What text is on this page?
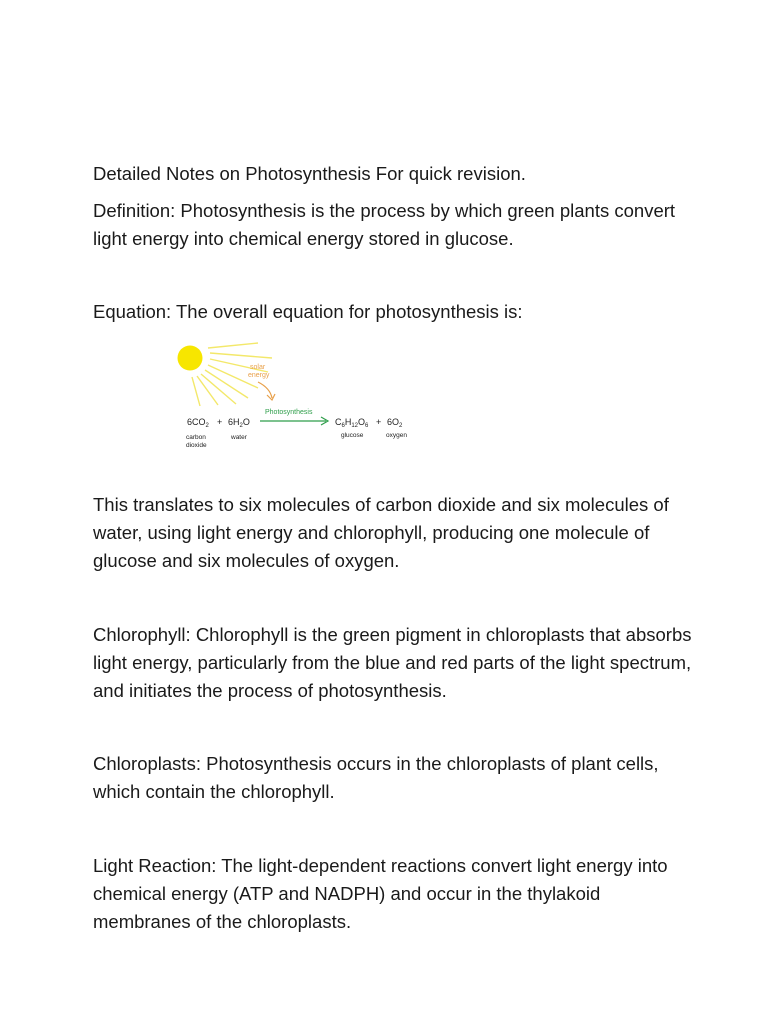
Detailed Notes on Photosynthesis For quick revision.

Definition: Photosynthesis is the process by which green plants convert light energy into chemical energy stored in glucose.

Equation: The overall equation for photosynthesis is:

solar
energy
Photosynthesis
$6CO_2 + 6H_2O$	$C_6H_{12}O_6 + 6O_2$
carbon
dioxide
water	glucose	oxygen

This translates to six molecules of carbon dioxide and six molecules of water, using light energy and chlorophyll, producing one molecule of glucose and six molecules of oxygen.

Chlorophyll: Chlorophyll is the green pigment in chloroplasts that absorbs light energy, particularly from the blue and red parts of the light spectrum, and initiates the process of photosynthesis.

Chloroplasts: Photosynthesis occurs in the chloroplasts of plant cells, which contain the chlorophyll.

Light Reaction: The light-dependent reactions convert light energy into chemical energy (ATP and NADPH) and occur in the thylakoid membranes of the chloroplasts.
